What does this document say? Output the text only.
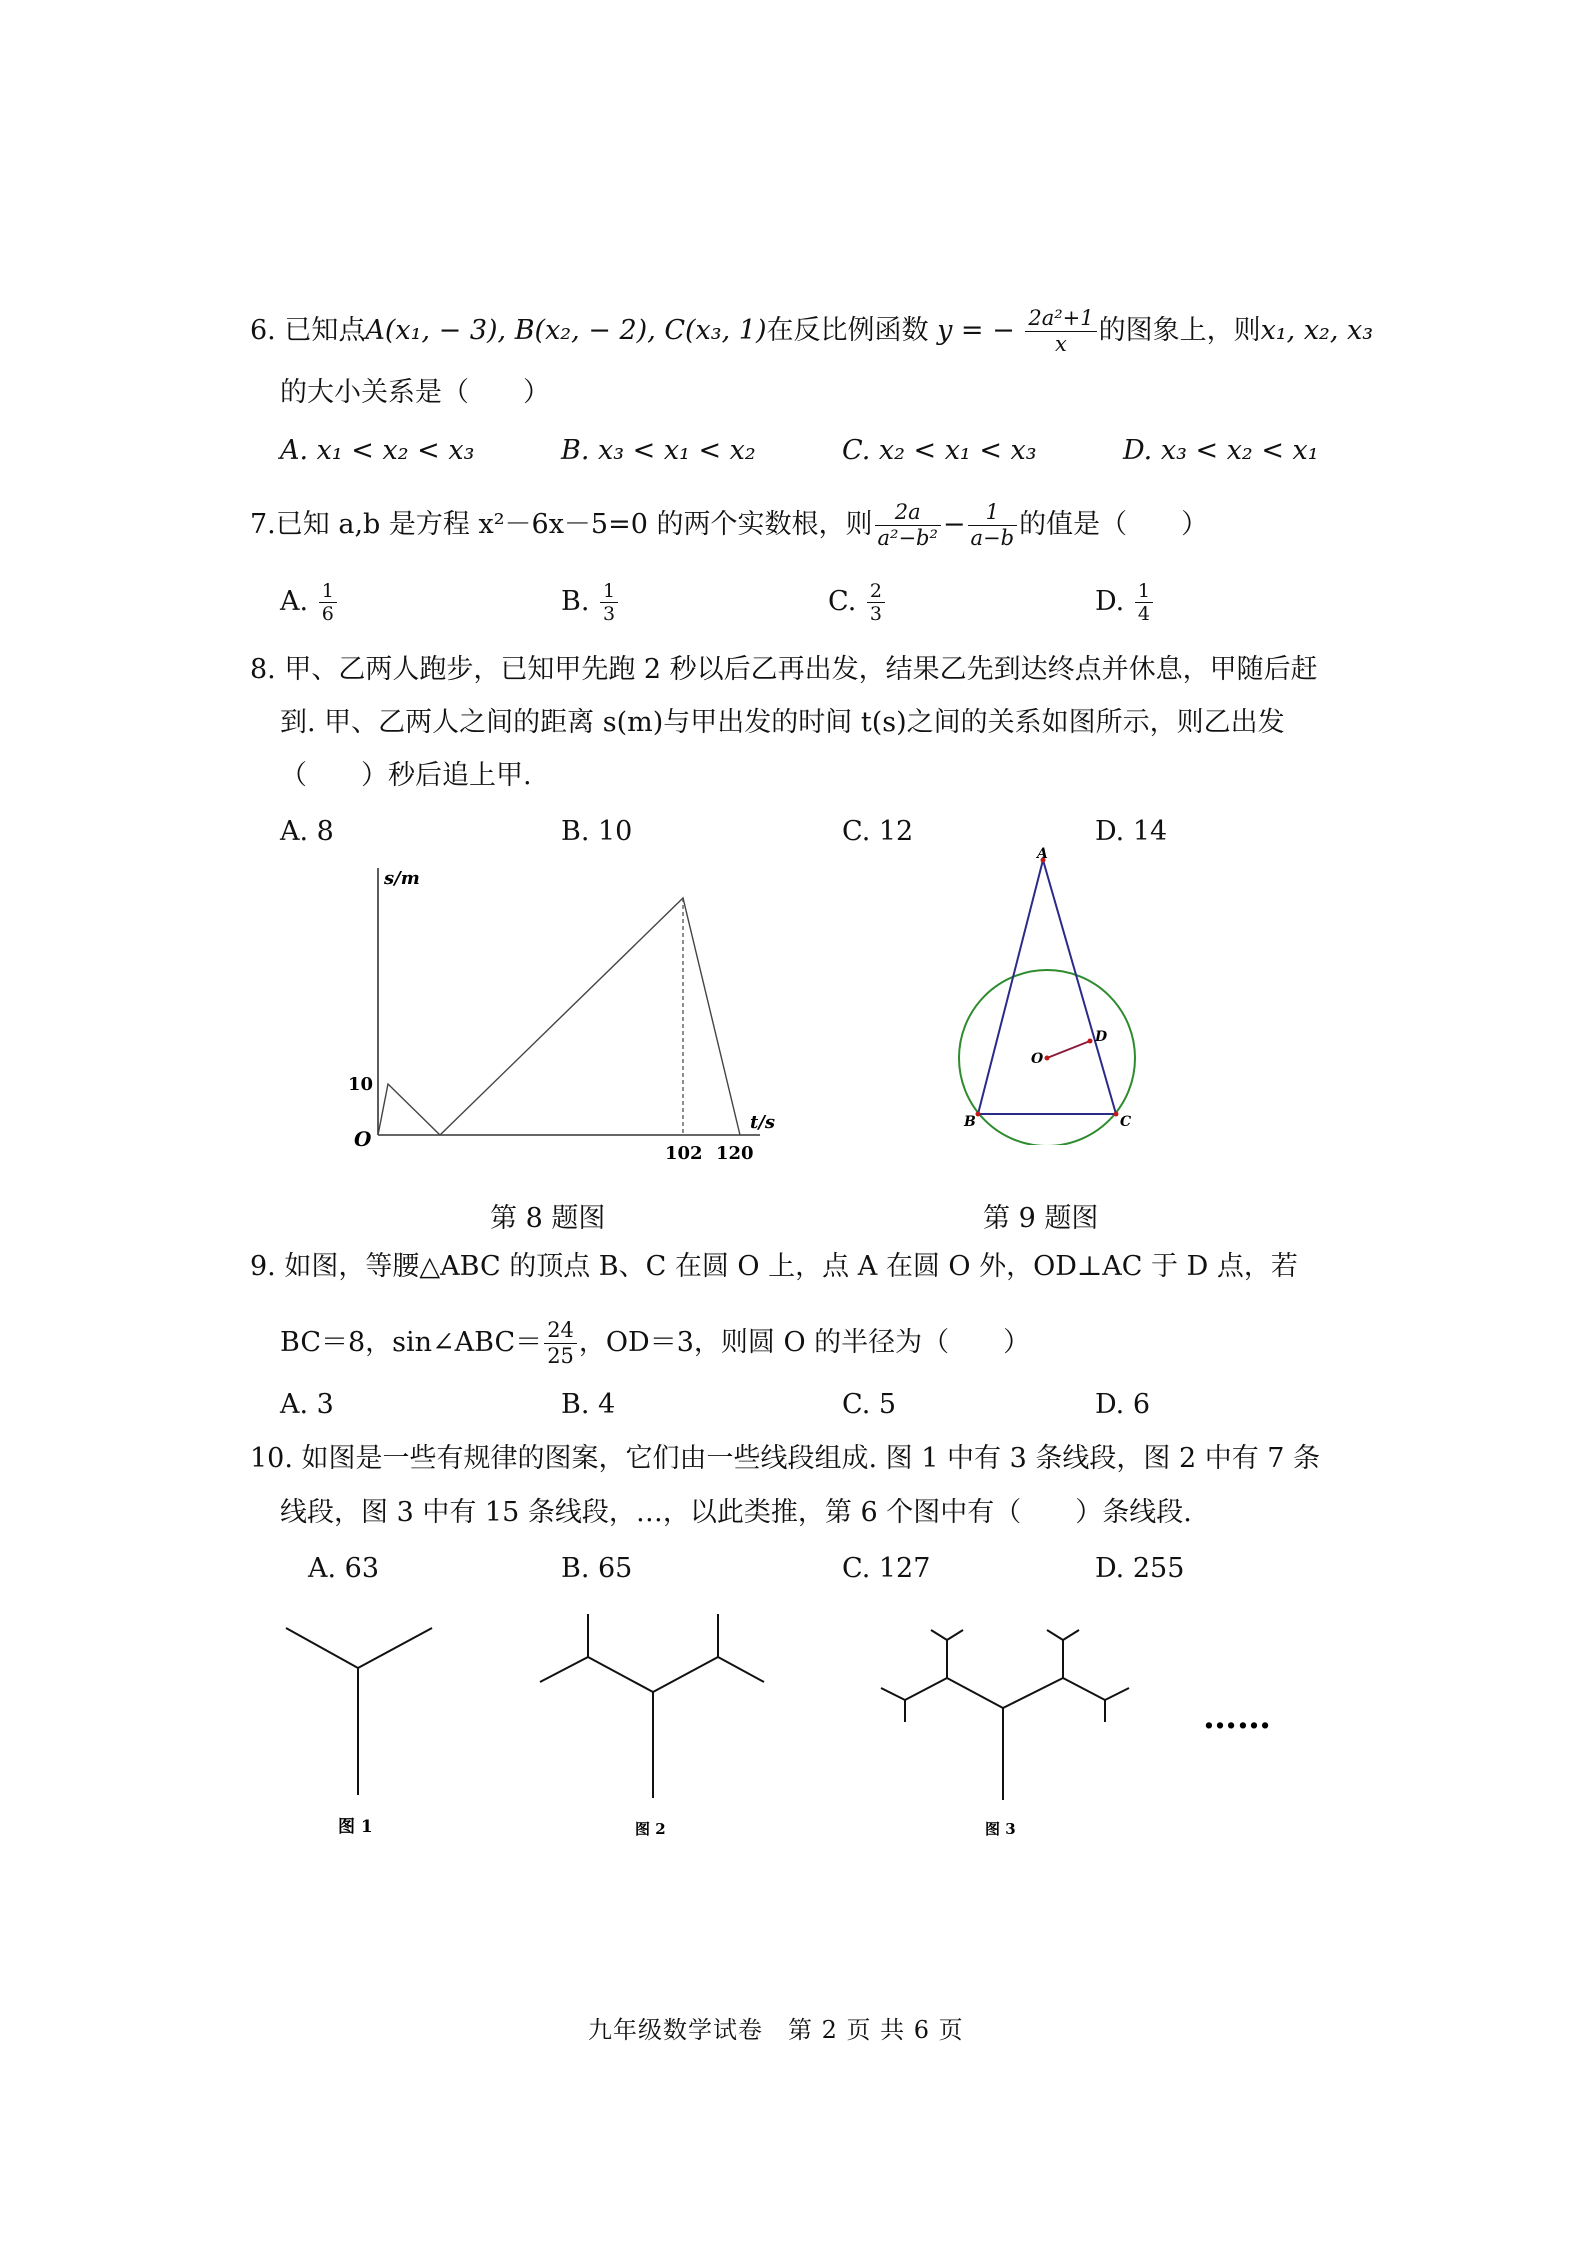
6. 已知点A(x₁, − 3), B(x₂, − 2), C(x₃, 1)在反比例函数 y = − $\frac{\text{2a²+1}}{x}$ 的图象上，则x₁, x₂, x₃
的大小关系是（　　）
A. x₁ < x₂ < x₃	B. x₃ < x₁ < x₂	C. x₂ < x₁ < x₃	D. x₃ < x₂ < x₁
7.已知 a,b 是方程 x²－6x－5=0 的两个实数根，则 $\frac{2a}{\text{a²−b²}} - \frac{1}{a-b}$ 的值是（　　）
A. $\frac{1}{6}$	B. $\frac{1}{3}$	C. $\frac{2}{3}$	D. $\frac{1}{4}$
8. 甲、乙两人跑步，已知甲先跑 2 秒以后乙再出发，结果乙先到达终点并休息，甲随后赶
到. 甲、乙两人之间的距离 s(m)与甲出发的时间 t(s)之间的关系如图所示，则乙出发
（　　）秒后追上甲.
A. 8	B. 10	C. 12	D. 14
s/m
t/s
O
10
102 120
第 8 题图
A
B	C
D
O
第 9 题图
9. 如图，等腰△ABC 的顶点 B、C 在圆 O 上，点 A 在圆 O 外，OD⊥AC 于 D 点，若
BC＝8，sin∠ABC＝ $\frac{24}{25}$ ，OD＝3，则圆 O 的半径为（　　）
A. 3	B. 4	C. 5	D. 6
10. 如图是一些有规律的图案，它们由一些线段组成. 图 1 中有 3 条线段，图 2 中有 7 条
线段，图 3 中有 15 条线段，…，以此类推，第 6 个图中有（　　）条线段.
A. 63	B. 65	C. 127	D. 255
图 1	图 2	图 3
……
九年级数学试卷　第 2 页 共 6 页
